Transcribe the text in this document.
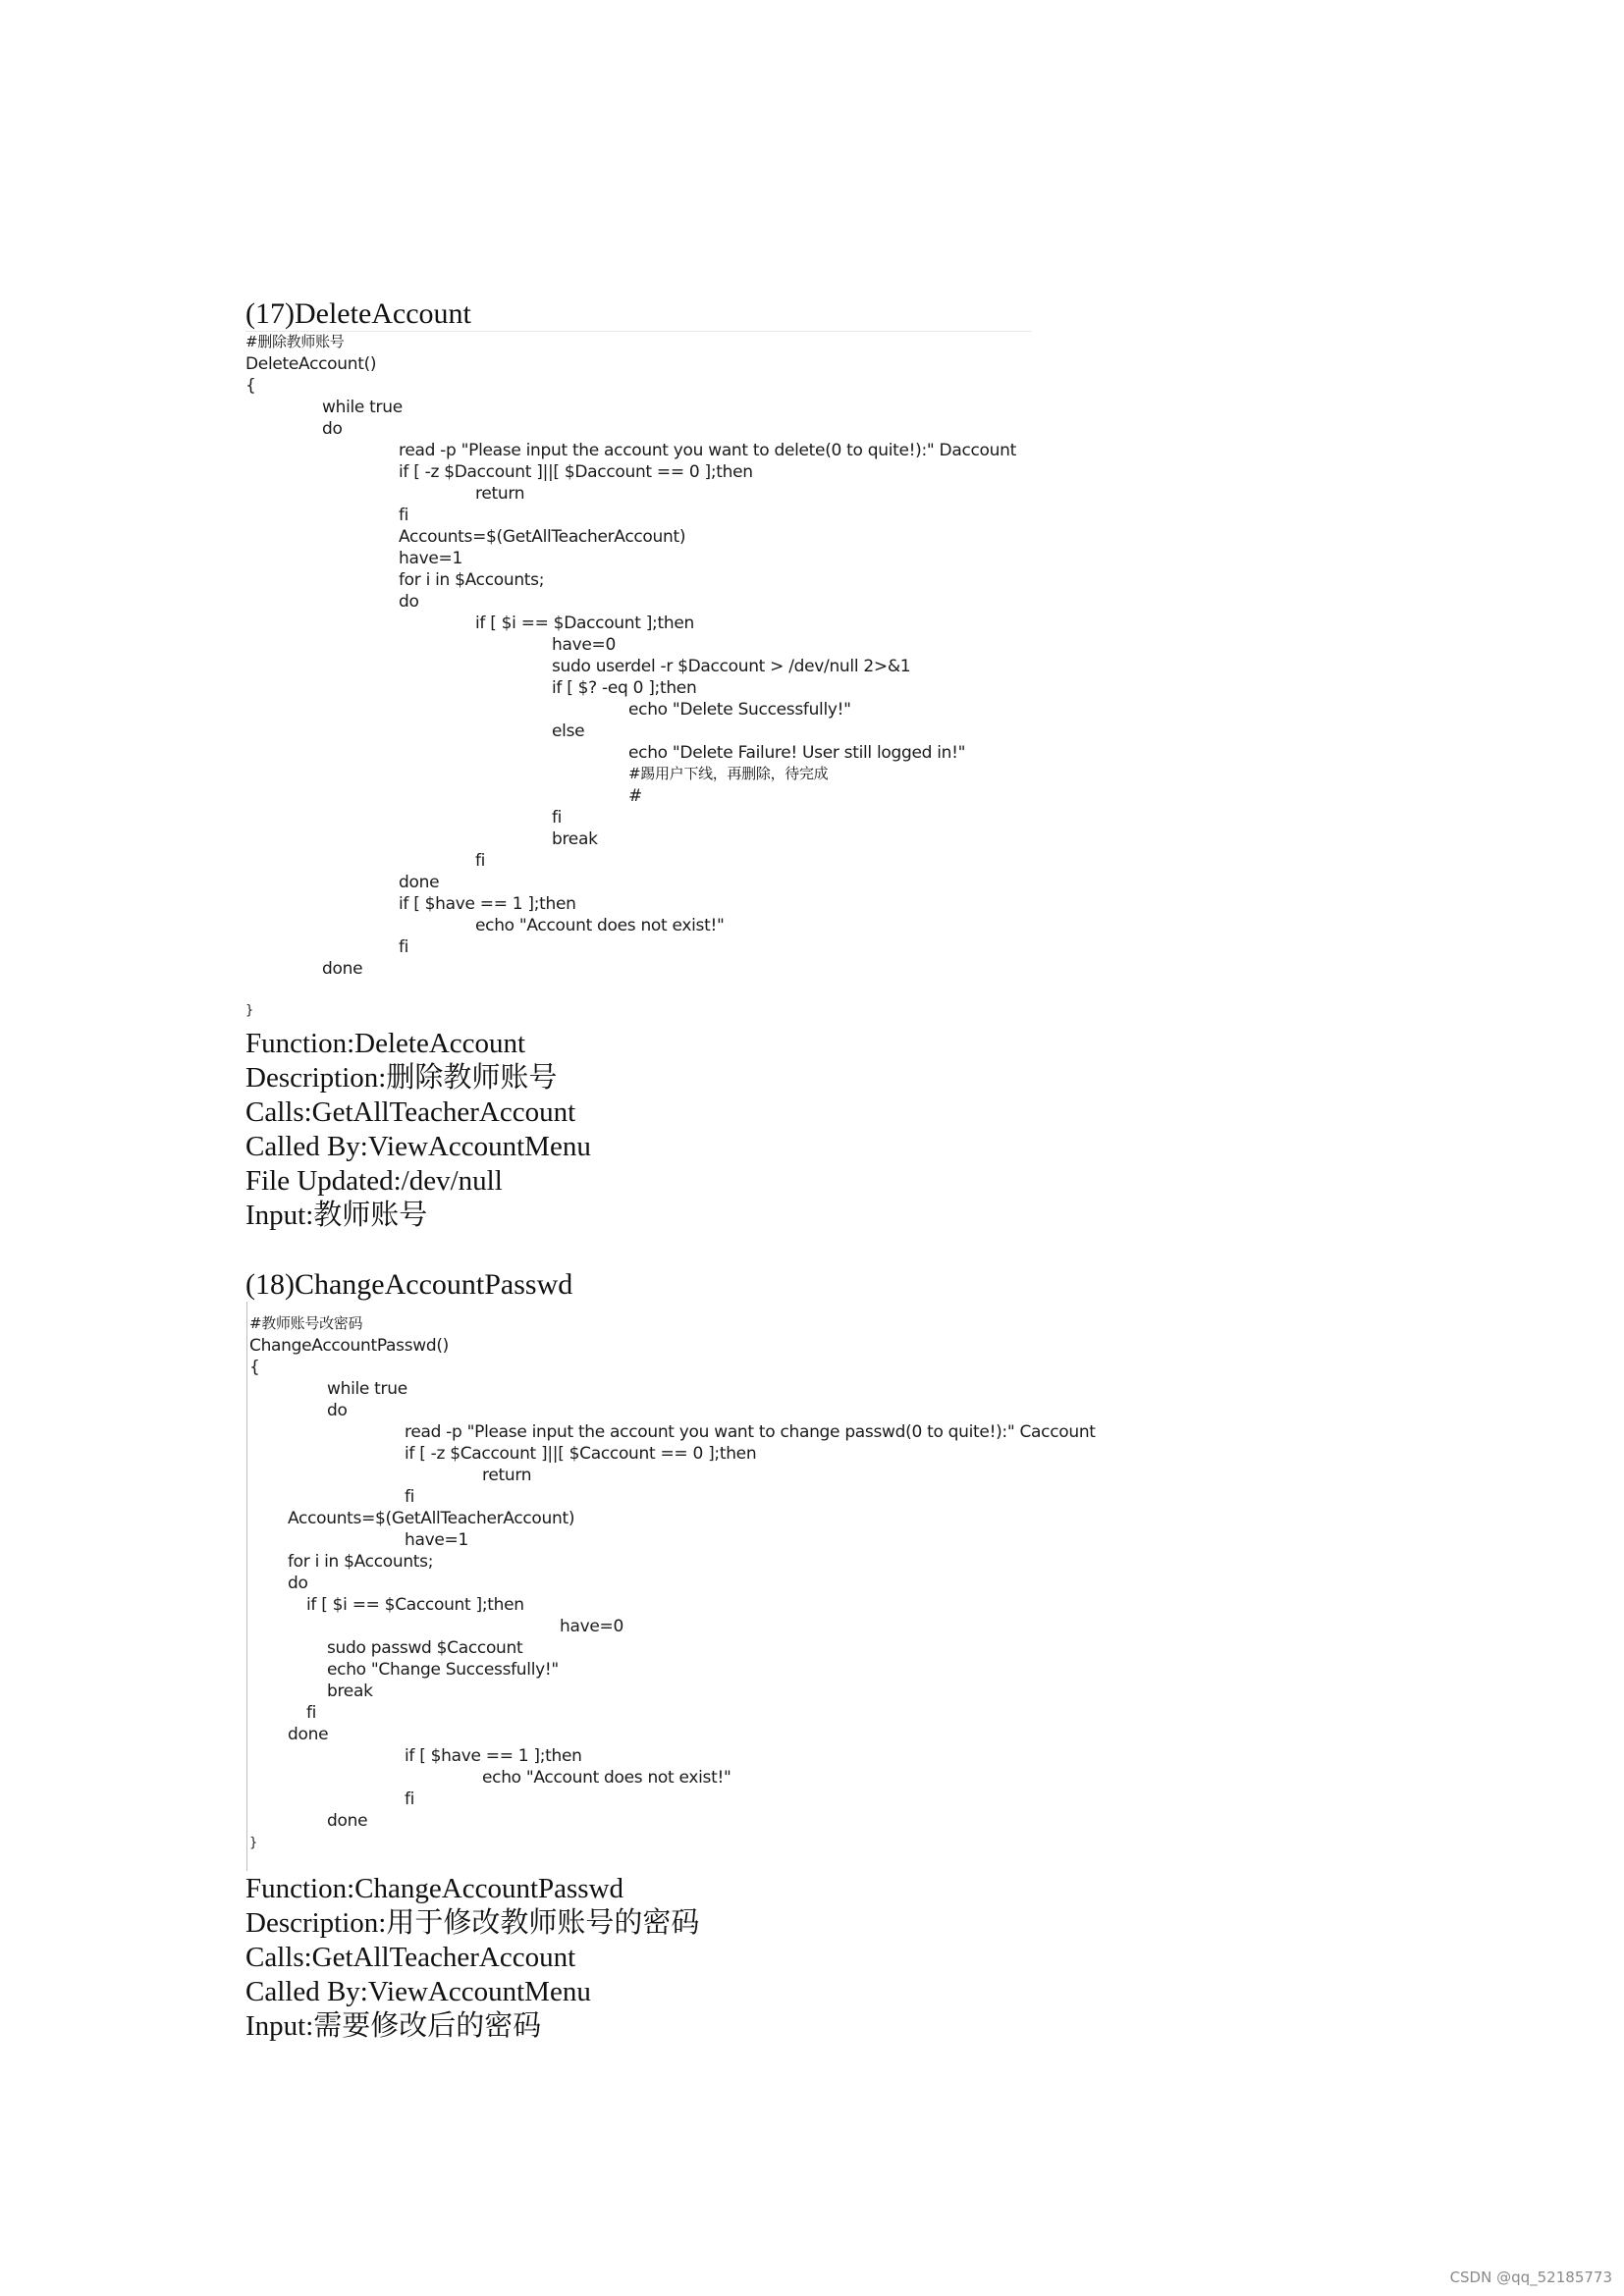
(17)DeleteAccount
#删除教师账号
DeleteAccount()
{
while true
do
read -p "Please input the account you want to delete(0 to quite!):" Daccount
if [ -z $Daccount ]||[ $Daccount == 0 ];then
return
fi
Accounts=$(GetAllTeacherAccount)
have=1
for i in $Accounts;
do
if [ $i == $Daccount ];then
have=0
sudo userdel -r $Daccount > /dev/null 2>&1
if [ $? -eq 0 ];then
echo "Delete Successfully!"
else
echo "Delete Failure! User still logged in!"
#踢用户下线，再删除，待完成
#
fi
break
fi
done
if [ $have == 1 ];then
echo "Account does not exist!"
fi
done
}
Function:DeleteAccount
Description:删除教师账号
Calls:GetAllTeacherAccount
Called By:ViewAccountMenu
File Updated:/dev/null
Input:教师账号
(18)ChangeAccountPasswd
#教师账号改密码
ChangeAccountPasswd()
{
while true
do
read -p "Please input the account you want to change passwd(0 to quite!):" Caccount
if [ -z $Caccount ]||[ $Caccount == 0 ];then
return
fi
Accounts=$(GetAllTeacherAccount)
have=1
for i in $Accounts;
do
if [ $i == $Caccount ];then
have=0
sudo passwd $Caccount
echo "Change Successfully!"
break
fi
done
if [ $have == 1 ];then
echo "Account does not exist!"
fi
done
}
Function:ChangeAccountPasswd
Description:用于修改教师账号的密码
Calls:GetAllTeacherAccount
Called By:ViewAccountMenu
Input:需要修改后的密码
CSDN @qq_52185773
